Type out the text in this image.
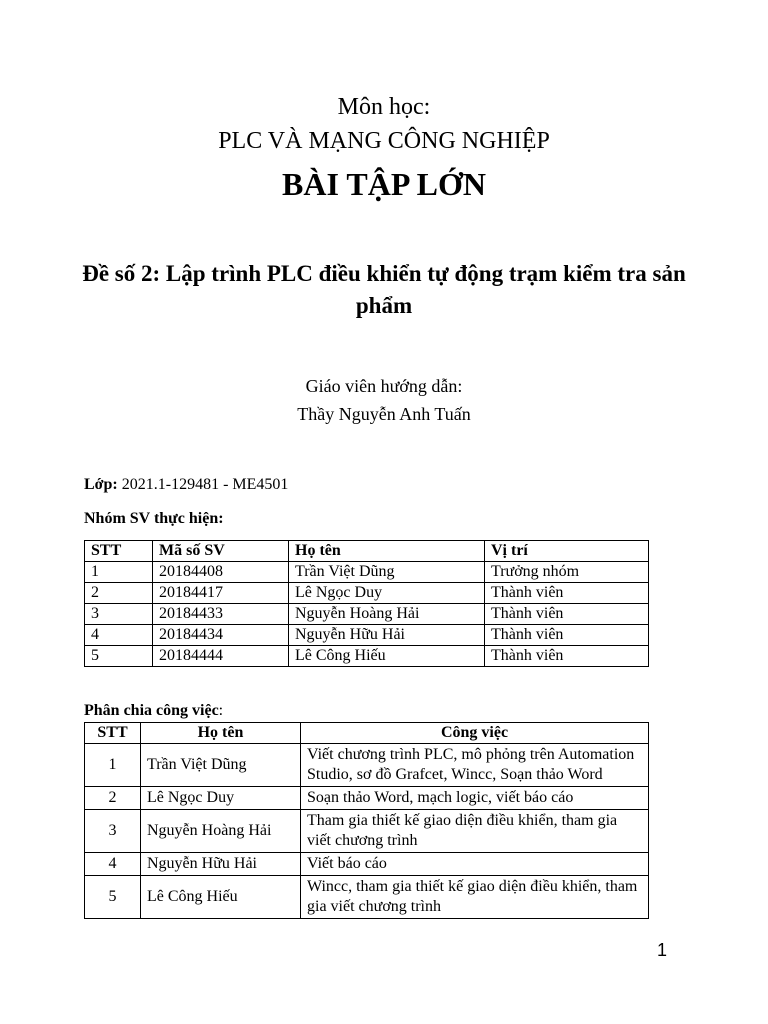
Môn học:
PLC VÀ MẠNG CÔNG NGHIỆP
BÀI TẬP LỚN
Đề số 2: Lập trình PLC điều khiển tự động trạm kiểm tra sản phẩm
Giáo viên hướng dẫn:
Thầy Nguyễn Anh Tuấn
Lớp: 2021.1-129481 - ME4501
Nhóm SV thực hiện:
STT	Mã số SV	Họ tên	Vị trí
1	20184408	Trần Việt Dũng	Trưởng nhóm
2	20184417	Lê Ngọc Duy	Thành viên
3	20184433	Nguyễn Hoàng Hải	Thành viên
4	20184434	Nguyễn Hữu Hải	Thành viên
5	20184444	Lê Công Hiếu	Thành viên
Phân chia công việc:
STT	Họ tên	Công việc
1	Trần Việt Dũng	Viết chương trình PLC, mô phỏng trên Automation Studio, sơ đồ Grafcet, Wincc, Soạn thảo Word
2	Lê Ngọc Duy	Soạn thảo Word, mạch logic, viết báo cáo
3	Nguyễn Hoàng Hải	Tham gia thiết kế giao diện điều khiển, tham gia viết chương trình
4	Nguyễn Hữu Hải	Viết báo cáo
5	Lê Công Hiếu	Wincc, tham gia thiết kế giao diện điều khiển, tham gia viết chương trình
1
